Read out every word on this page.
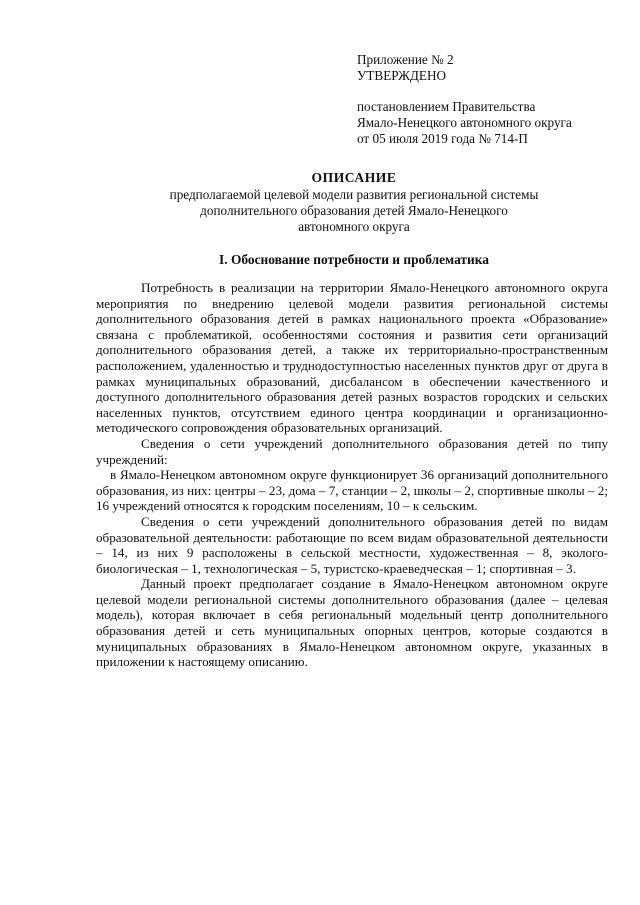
Приложение № 2
УТВЕРЖДЕНО
постановлением Правительства
Ямало-Ненецкого автономного округа
от 05 июля 2019 года № 714-П
ОПИСАНИЕ
предполагаемой целевой модели развития региональной системы
дополнительного образования детей Ямало-Ненецкого
автономного округа
I. Обоснование потребности и проблематика

Потребность в реализации на территории Ямало-Ненецкого автономного округа мероприятия по внедрению целевой модели развития региональной системы дополнительного образования детей в рамках национального проекта «Образование» связана с проблематикой, особенностями состояния и развития сети организаций дополнительного образования детей, а также их территориально-пространственным расположением, удаленностью и труднодоступностью населенных пунктов друг от друга в рамках муниципальных образований, дисбалансом в обеспечении качественного и доступного дополнительного образования детей разных возрастов городских и сельских населенных пунктов, отсутствием единого центра координации и организационно-методического сопровождения образовательных организаций.

Сведения о сети учреждений дополнительного образования детей по типу учреждений:

в Ямало-Ненецком автономном округе функционирует 36 организаций дополнительного образования, из них: центры – 23, дома – 7, станции – 2, школы – 2, спортивные школы – 2; 16 учреждений относятся к городским поселениям, 10 – к сельским.

Сведения о сети учреждений дополнительного образования детей по видам образовательной деятельности: работающие по всем видам образовательной деятельности – 14, из них 9 расположены в сельской местности, художественная – 8, эколого-биологическая – 1, технологическая – 5, туристско-краеведческая – 1; спортивная – 3.

Данный проект предполагает создание в Ямало-Ненецком автономном округе целевой модели региональной системы дополнительного образования (далее – целевая модель), которая включает в себя региональный модельный центр дополнительного образования детей и сеть муниципальных опорных центров, которые создаются в муниципальных образованиях в Ямало-Ненецком автономном округе, указанных в приложении к настоящему описанию.
